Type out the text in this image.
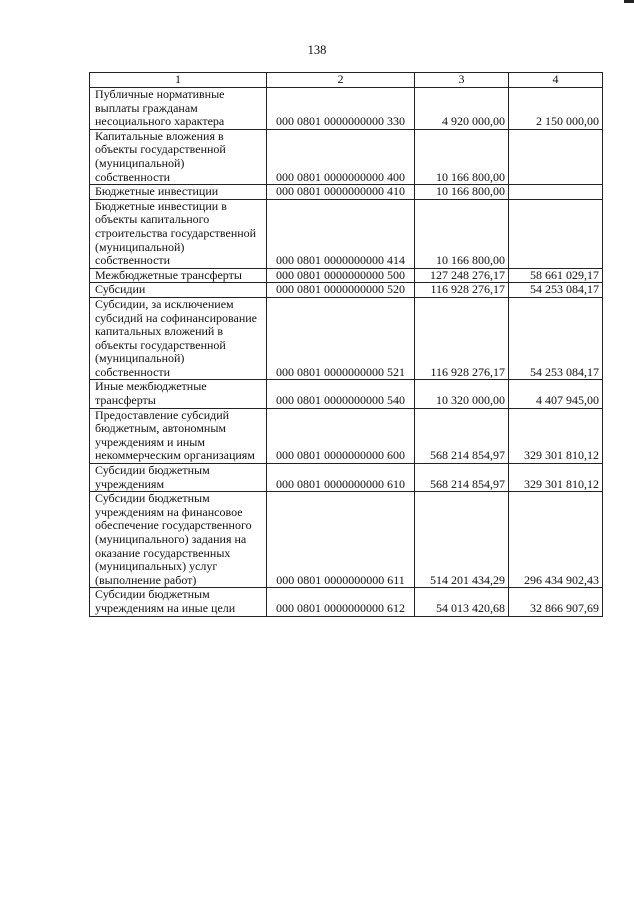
138
1	2	3	4
Публичные нормативные выплаты гражданам несоциального характера	000 0801 0000000000 330	4 920 000,00	2 150 000,00
Капитальные вложения в объекты государственной (муниципальной) собственности	000 0801 0000000000 400	10 166 800,00	
Бюджетные инвестиции	000 0801 0000000000 410	10 166 800,00	
Бюджетные инвестиции в объекты капитального строительства государственной (муниципальной) собственности	000 0801 0000000000 414	10 166 800,00	
Межбюджетные трансферты	000 0801 0000000000 500	127 248 276,17	58 661 029,17
Субсидии	000 0801 0000000000 520	116 928 276,17	54 253 084,17
Субсидии, за исключением субсидий на софинансирование капитальных вложений в объекты государственной (муниципальной) собственности	000 0801 0000000000 521	116 928 276,17	54 253 084,17
Иные межбюджетные трансферты	000 0801 0000000000 540	10 320 000,00	4 407 945,00
Предоставление субсидий бюджетным, автономным учреждениям и иным некоммерческим организациям	000 0801 0000000000 600	568 214 854,97	329 301 810,12
Субсидии бюджетным учреждениям	000 0801 0000000000 610	568 214 854,97	329 301 810,12
Субсидии бюджетным учреждениям на финансовое обеспечение государственного (муниципального) задания на оказание государственных (муниципальных) услуг (выполнение работ)	000 0801 0000000000 611	514 201 434,29	296 434 902,43
Субсидии бюджетным учреждениям на иные цели	000 0801 0000000000 612	54 013 420,68	32 866 907,69
